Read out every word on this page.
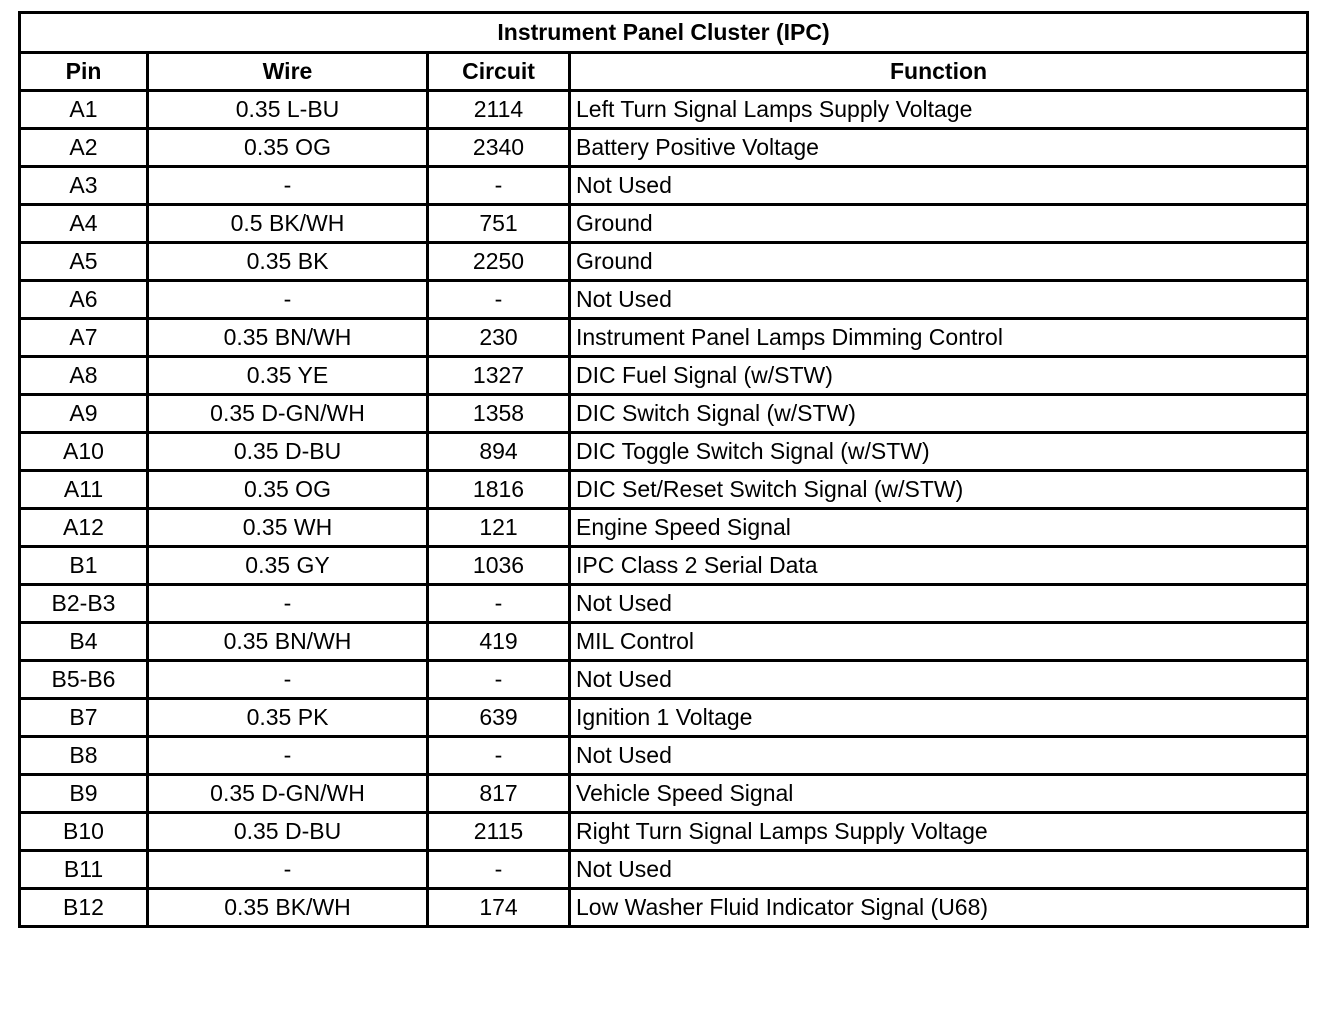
Instrument Panel Cluster (IPC)			
Pin	Wire	Circuit	Function
A1	0.35 L-BU	2114	Left Turn Signal Lamps Supply Voltage
A2	0.35 OG	2340	Battery Positive Voltage
A3	-	-	Not Used
A4	0.5 BK/WH	751	Ground
A5	0.35 BK	2250	Ground
A6	-	-	Not Used
A7	0.35 BN/WH	230	Instrument Panel Lamps Dimming Control
A8	0.35 YE	1327	DIC Fuel Signal (w/STW)
A9	0.35 D-GN/WH	1358	DIC Switch Signal (w/STW)
A10	0.35 D-BU	894	DIC Toggle Switch Signal (w/STW)
A11	0.35 OG	1816	DIC Set/Reset Switch Signal (w/STW)
A12	0.35 WH	121	Engine Speed Signal
B1	0.35 GY	1036	IPC Class 2 Serial Data
B2-B3	-	-	Not Used
B4	0.35 BN/WH	419	MIL Control
B5-B6	-	-	Not Used
B7	0.35 PK	639	Ignition 1 Voltage
B8	-	-	Not Used
B9	0.35 D-GN/WH	817	Vehicle Speed Signal
B10	0.35 D-BU	2115	Right Turn Signal Lamps Supply Voltage
B11	-	-	Not Used
B12	0.35 BK/WH	174	Low Washer Fluid Indicator Signal (U68)
